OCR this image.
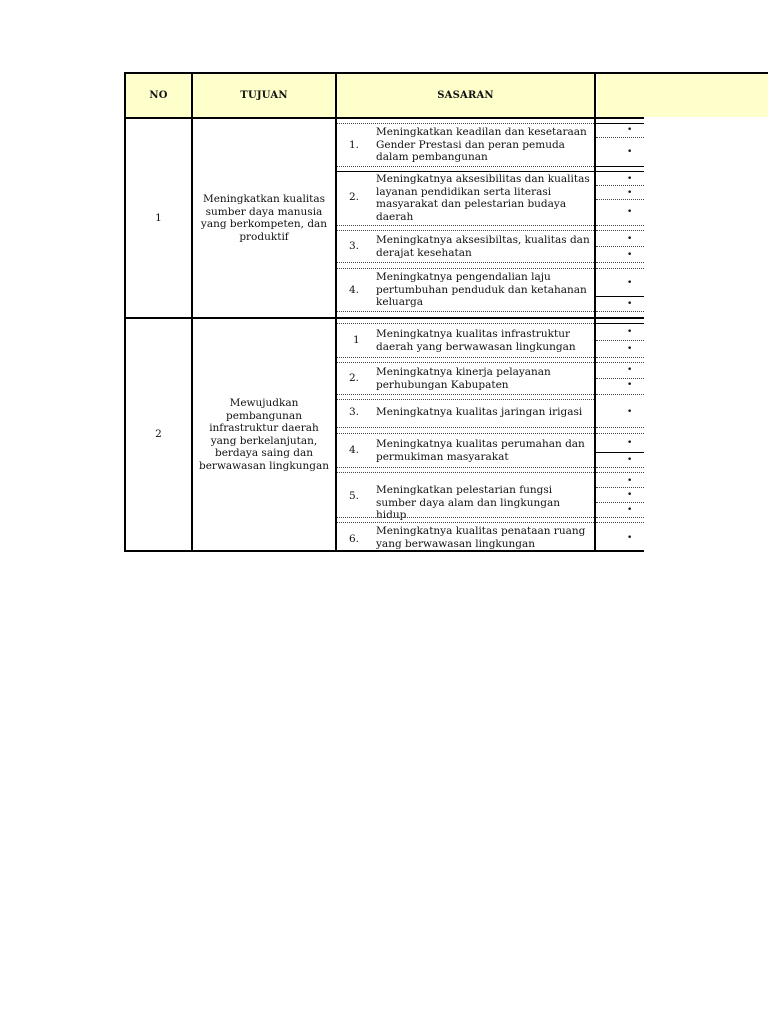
NO	TUJUAN	SASARAN
1
Meningkatkan kualitas sumber daya manusia yang berkompeten, dan produktif
1.
Meningkatkan keadilan dan kesetaraan Gender Prestasi dan peran pemuda dalam pembangunan
2.
Meningkatnya aksesibilitas dan kualitas layanan pendidikan serta literasi masyarakat dan pelestarian budaya daerah
3. Meningkatnya aksesibiltas, kualitas dan derajat kesehatan
4.
Meningkatnya pengendalian laju pertumbuhan penduduk dan ketahanan keluarga
2
Mewujudkan pembangunan infrastruktur daerah yang berkelanjutan, berdaya saing dan berwawasan lingkungan
1 Meningkatnya kualitas infrastruktur daerah yang berwawasan lingkungan
2. Meningkatnya kinerja pelayanan perhubungan Kabupaten
3. Meningkatnya kualitas jaringan irigasi
4. Meningkatnya kualitas perumahan dan permukiman masyarakat
5. Meningkatkan pelestarian fungsi sumber daya alam dan lingkungan hidup
6.
Meningkatnya kualitas penataan ruang yang berwawasan lingkungan
•
•
•
•
•
•
•
•
•
•
•
•
•
•
•
•
•
•
•
•
